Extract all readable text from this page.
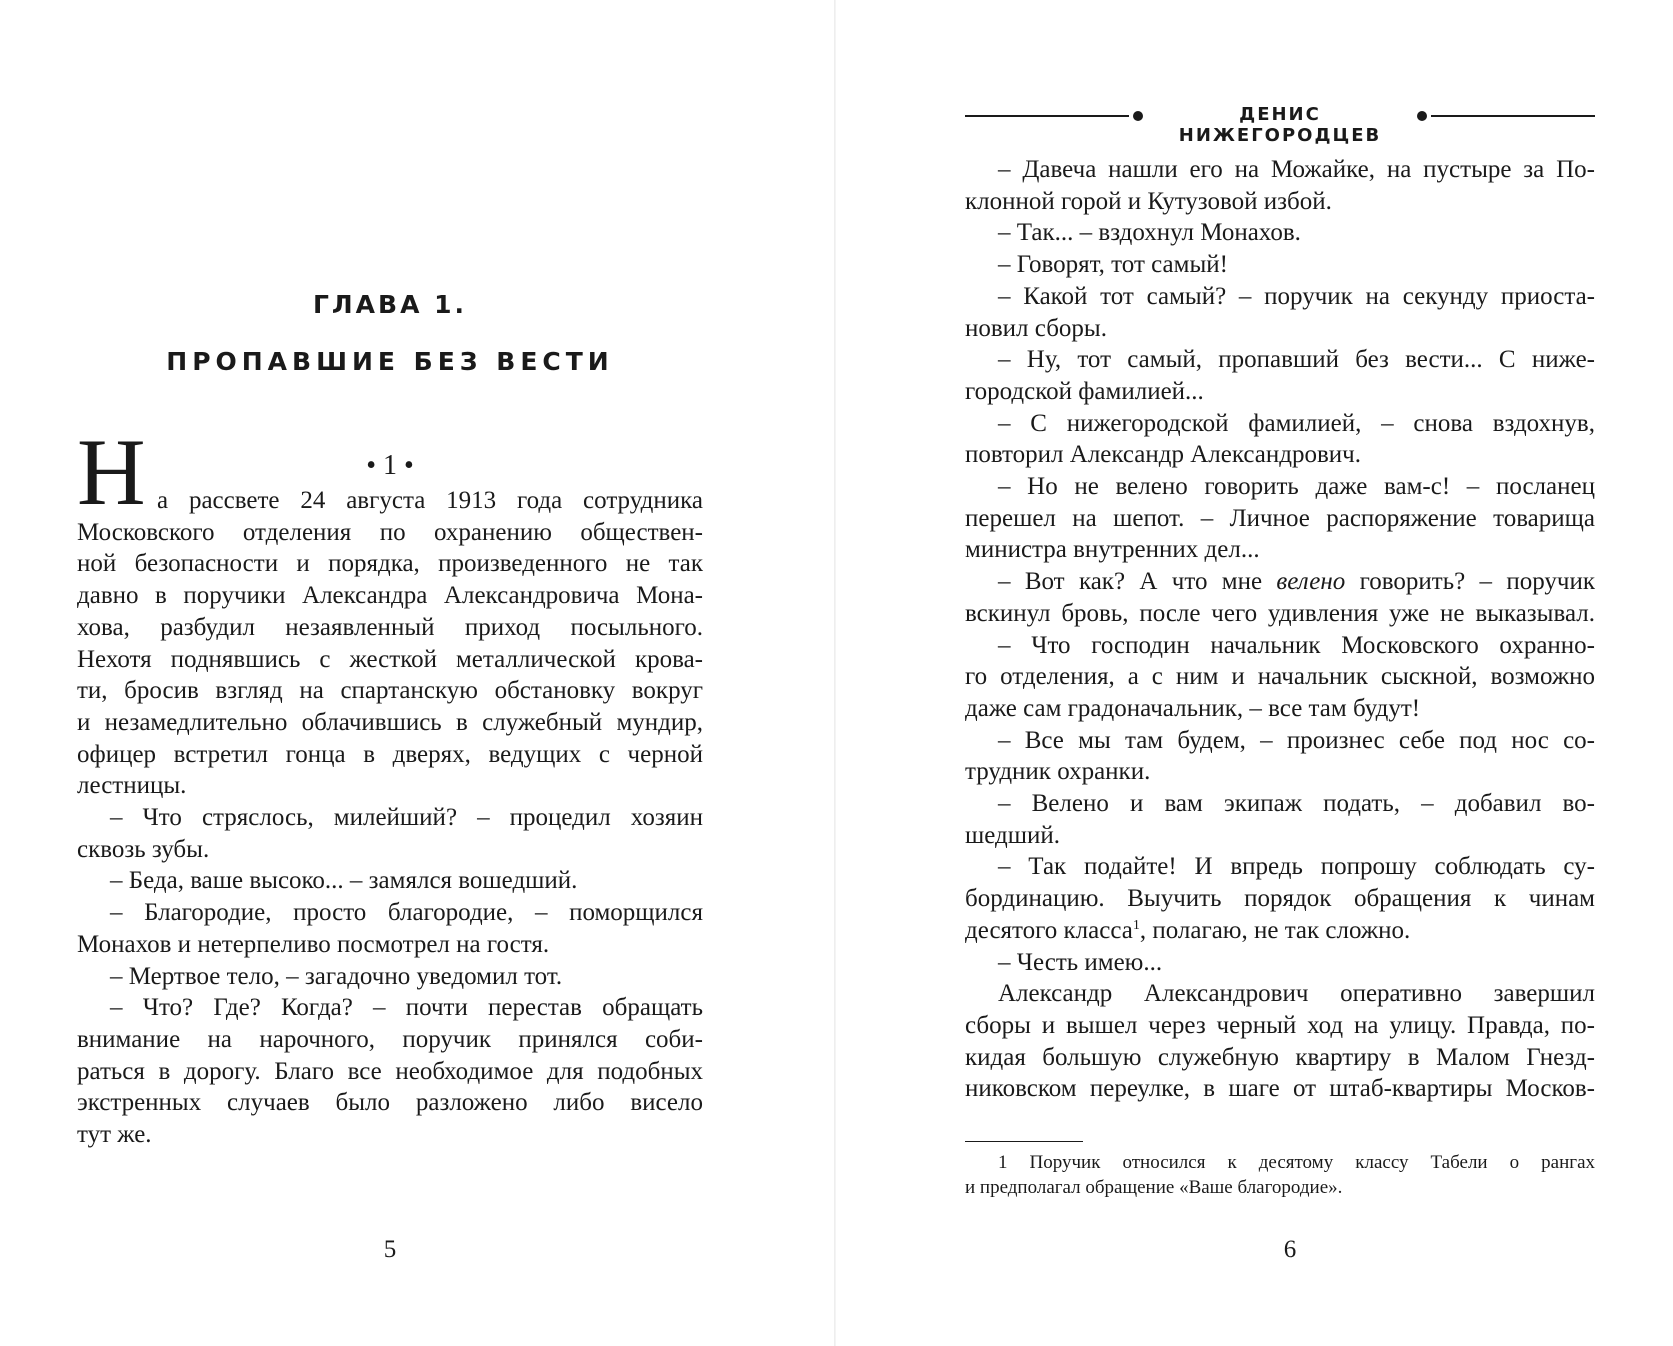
ГЛАВА 1.
ПРОПАВШИЕ БЕЗ ВЕСТИ
• 1 •
Н а рассвете 24 августа 1913 года сотрудника

Московского отделения по охранению обществен-

ной безопасности и порядка, произведенного не так

давно в поручики Александра Александровича Мона-

хова, разбудил незаявленный приход посыльного.

Нехотя поднявшись с жесткой металлической крова-

ти, бросив взгляд на спартанскую обстановку вокруг

и незамедлительно облачившись в служебный мундир,

офицер встретил гонца в дверях, ведущих с черной

лестницы.

– Что стряслось, милейший? – процедил хозяин

сквозь зубы.

– Беда, ваше высоко... – замялся вошедший.

– Благородие, просто благородие, – поморщился

Монахов и нетерпеливо посмотрел на гостя.

– Мертвое тело, – загадочно уведомил тот.

– Что? Где? Когда? – почти перестав обращать

внимание на нарочного, поручик принялся соби-

раться в дорогу. Благо все необходимое для подобных

экстренных случаев было разложено либо висело

тут же.

5
ДЕНИС НИЖЕГОРОДЦЕВ

– Давеча нашли его на Можайке, на пустыре за По-

клонной горой и Кутузовой избой.

– Так... – вздохнул Монахов.

– Говорят, тот самый!

– Какой тот самый? – поручик на секунду приоста-

новил сборы.

– Ну, тот самый, пропавший без вести... С ниже-

городской фамилией...

– С нижегородской фамилией, – снова вздохнув,

повторил Александр Александрович.

– Но не велено говорить даже вам-с! – посланец

перешел на шепот. – Личное распоряжение товарища

министра внутренних дел...

– Вот как? А что мне велено говорить? – поручик

вскинул бровь, после чего удивления уже не выказывал.

– Что господин начальник Московского охранно-

го отделения, а с ним и начальник сыскной, возможно

даже сам градоначальник, – все там будут!

– Все мы там будем, – произнес себе под нос со-

трудник охранки.

– Велено и вам экипаж подать, – добавил во-

шедший.

– Так подайте! И впредь попрошу соблюдать су-

бординацию. Выучить порядок обращения к чинам

десятого класса$^1$, полагаю, не так сложно.

– Честь имею...

Александр Александрович оперативно завершил

сборы и вышел через черный ход на улицу. Правда, по-

кидая большую служебную квартиру в Малом Гнезд-

никовском переулке, в шаге от штаб-квартиры Москов-

1 Поручик относился к десятому классу Табели о рангах

и предполагал обращение «Ваше благородие».

6
